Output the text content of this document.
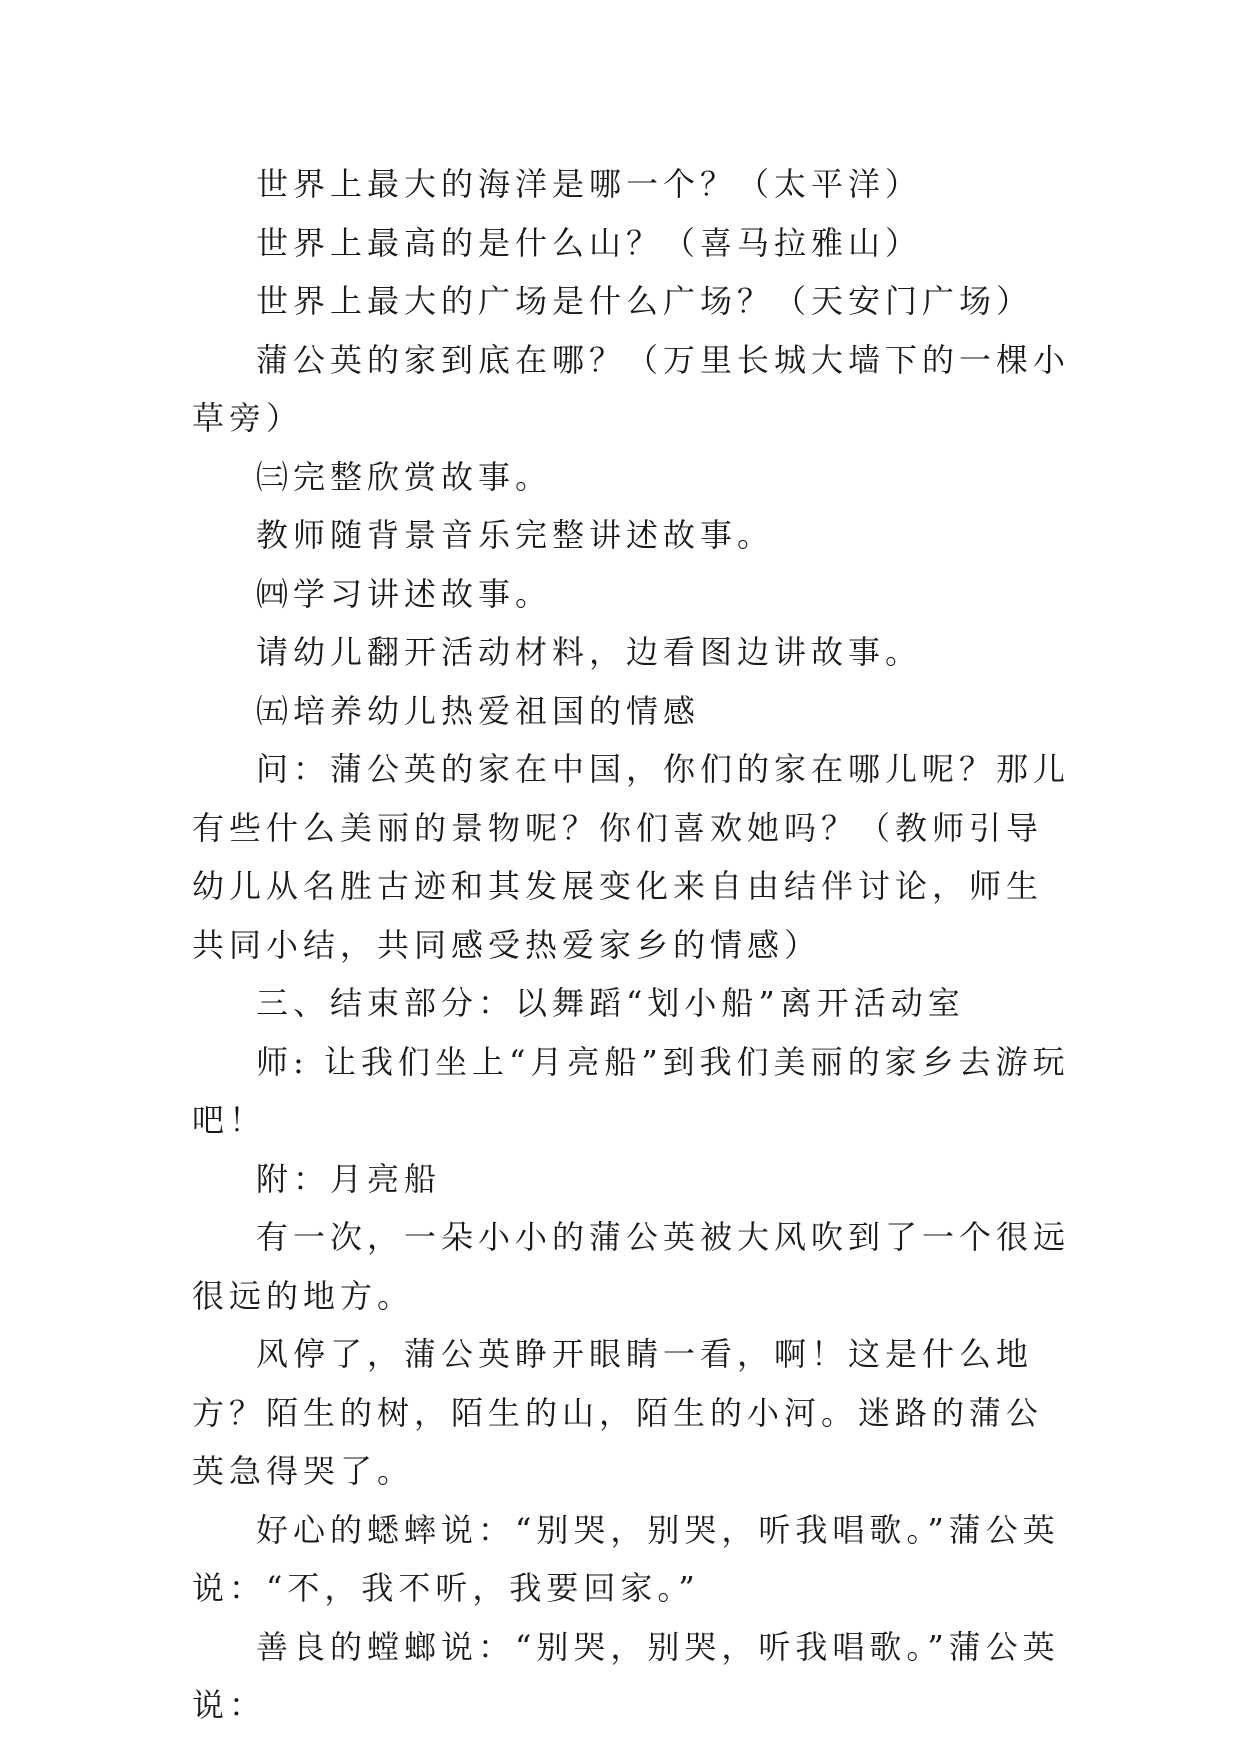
世界上最大的海洋是哪一个？（太平洋）

世界上最高的是什么山？（喜马拉雅山）

世界上最大的广场是什么广场？（天安门广场）

蒲公英的家到底在哪？（万里长城大墙下的一棵小草旁）

㈢完整欣赏故事。

教师随背景音乐完整讲述故事。

㈣学习讲述故事。

请幼儿翻开活动材料，边看图边讲故事。

㈤培养幼儿热爱祖国的情感

问：蒲公英的家在中国，你们的家在哪儿呢？那儿有些什么美丽的景物呢？你们喜欢她吗？（教师引导幼儿从名胜古迹和其发展变化来自由结伴讨论，师生共同小结，共同感受热爱家乡的情感）

三、结束部分：以舞蹈“划小船”离开活动室

师: 让我们坐上“月亮船”到我们美丽的家乡去游玩吧！

附：月亮船

有一次，一朵小小的蒲公英被大风吹到了一个很远很远的地方。

风停了，蒲公英睁开眼睛一看，啊！这是什么地方？陌生的树，陌生的山，陌生的小河。迷路的蒲公英急得哭了。

好心的蟋蟀说：“别哭，别哭，听我唱歌。”蒲公英说：“不，我不听，我要回家。”

善良的螳螂说：“别哭，别哭，听我唱歌。”蒲公英说：
